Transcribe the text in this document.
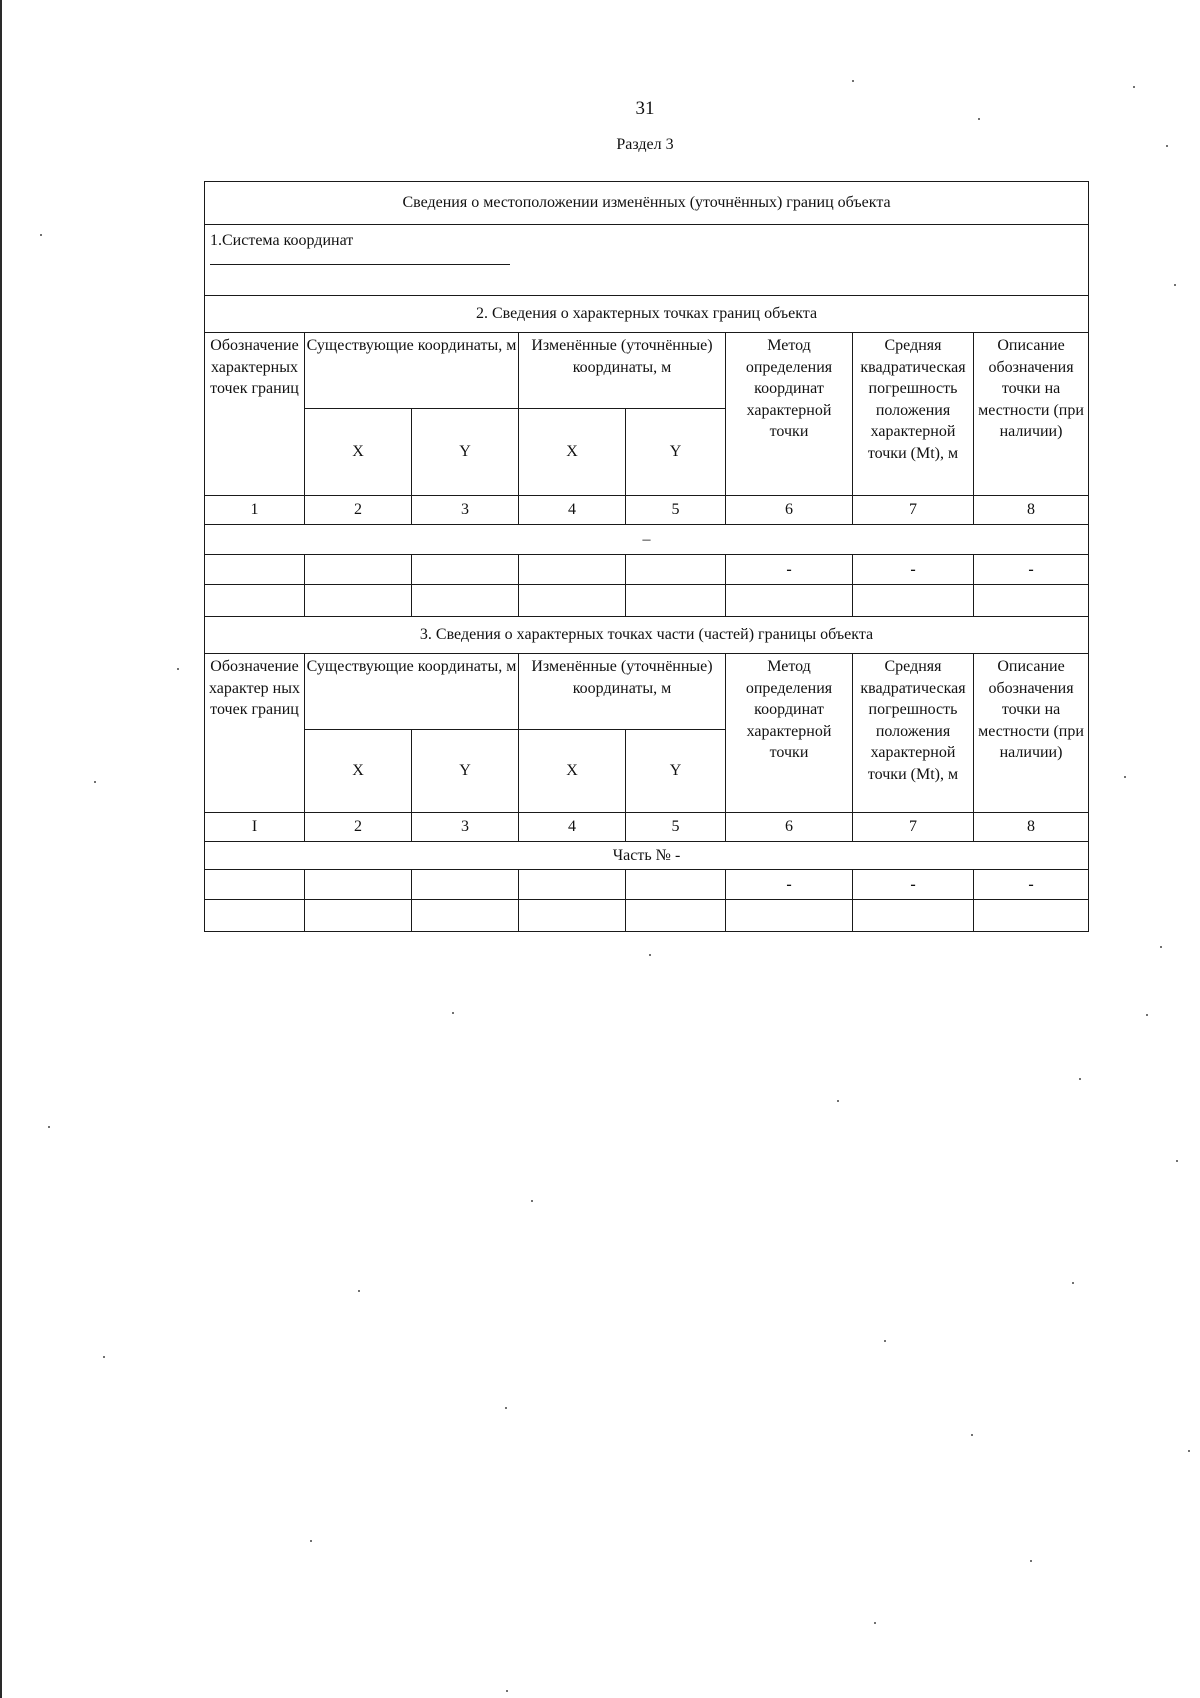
31
Раздел 3
Сведения о местоположении изменённых (уточнённых) границ объекта							

1.Система координат							

2. Сведения о характерных точках границ объекта							

Обозначение характерных точек границ	Существующие координаты, м		Изменённые (уточнённые) координаты, м		Метод определения координат характерной точки	Средняя квадратическая погрешность положения характерной точки (Mt), м	Описание обозначения точки на местности (при наличии)

	X	Y	X	Y			
1	2	3	4	5	6	7	8
–							
					-	-	-

3. Сведения о характерных точках части (частей) границы объекта							

Обозначение характер ных точек границ	Существующие координаты, м		Изменённые (уточнённые) координаты, м		Метод определения координат характерной точки	Средняя квадратическая погрешность положения характерной точки (Mt), м	Описание обозначения точки на местности (при наличии)

	X	Y	X	Y			
I	2	3	4	5	6	7	8
Часть № -							
					-	-	-
